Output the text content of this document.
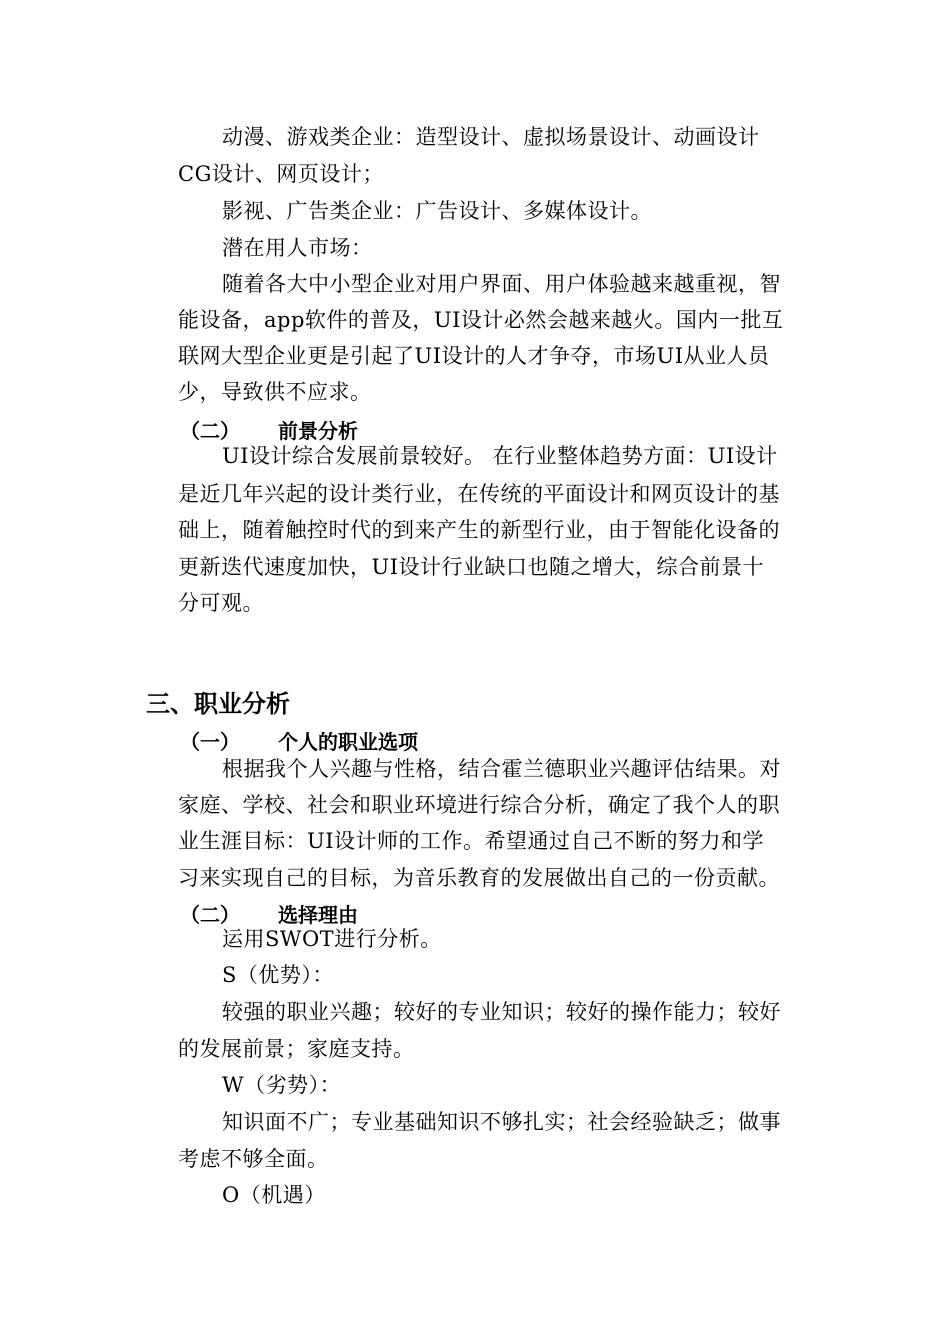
动漫、游戏类企业：造型设计、虚拟场景设计、动画设计
CG设计、网页设计；
影视、广告类企业：广告设计、多媒体设计。
潜在用人市场：
随着各大中小型企业对用户界面、用户体验越来越重视，智
能设备，app软件的普及，UI设计必然会越来越火。国内一批互
联网大型企业更是引起了UI设计的人才争夺，市场UI从业人员
少，导致供不应求。
（二） 前景分析
UI设计综合发展前景较好。 在行业整体趋势方面：UI设计
是近几年兴起的设计类行业，在传统的平面设计和网页设计的基
础上，随着触控时代的到来产生的新型行业，由于智能化设备的
更新迭代速度加快，UI设计行业缺口也随之增大，综合前景十
分可观。
三、职业分析
（一） 个人的职业选项
根据我个人兴趣与性格，结合霍兰德职业兴趣评估结果。对
家庭、学校、社会和职业环境进行综合分析，确定了我个人的职
业生涯目标：UI设计师的工作。希望通过自己不断的努力和学
习来实现自己的目标，为音乐教育的发展做出自己的一份贡献。
（二） 选择理由
运用SWOT进行分析。
S（优势）：
较强的职业兴趣；较好的专业知识；较好的操作能力；较好
的发展前景；家庭支持。
W（劣势）：
知识面不广；专业基础知识不够扎实；社会经验缺乏；做事
考虑不够全面。
O（机遇）
